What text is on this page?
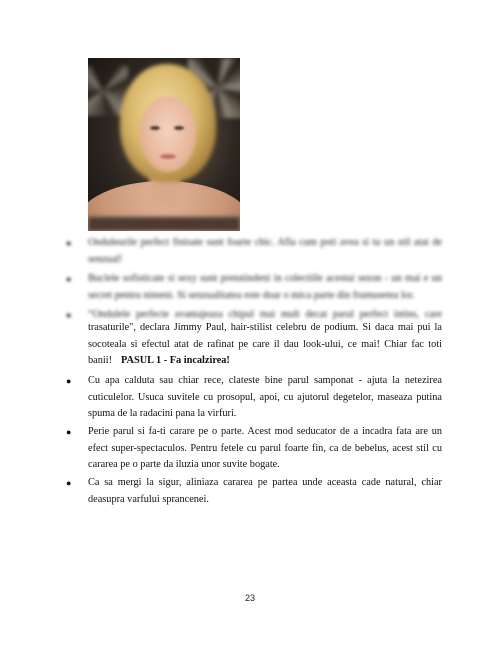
● Onduleurile perfect finisate sunt foarte chic. Afla cum poti avea si tu un stil atat de senzual!
● Buclele sofisticate si sexy sunt pretutindeni in colectiile acestui sezon - un mai e un secret pentru nimeni. Si senzualitatea este doar o mica parte din frumusetea lor.
● “Ondulele perfecte avantajeaza chipul mai mult decat parul perfect intins, care
trasaturile", declara Jimmy Paul, hair-stilist celebru de podium. Si daca mai pui la socoteala si efectul atat de rafinat pe care il dau look-ului, ce mai! Chiar fac toti banii! PASUL 1 - Fa incalzirea!
● Cu apa calduta sau chiar rece, clateste bine parul samponat - ajuta la netezirea cuticulelor. Usuca suvitele cu prosopul, apoi, cu ajutorul degetelor, maseaza putina spuma de la radacini pana la virfuri.
● Perie parul si fa-ti carare pe o parte. Acest mod seducator de a incadra fata are un efect super-spectaculos. Pentru fetele cu parul foarte fin, ca de bebelus, acest stil cu cararea pe o parte da iluzia unor suvite bogate.
● Ca sa mergi la sigur, aliniaza cararea pe partea unde aceasta cade natural, chiar deasupra varfului sprancenei.
23
